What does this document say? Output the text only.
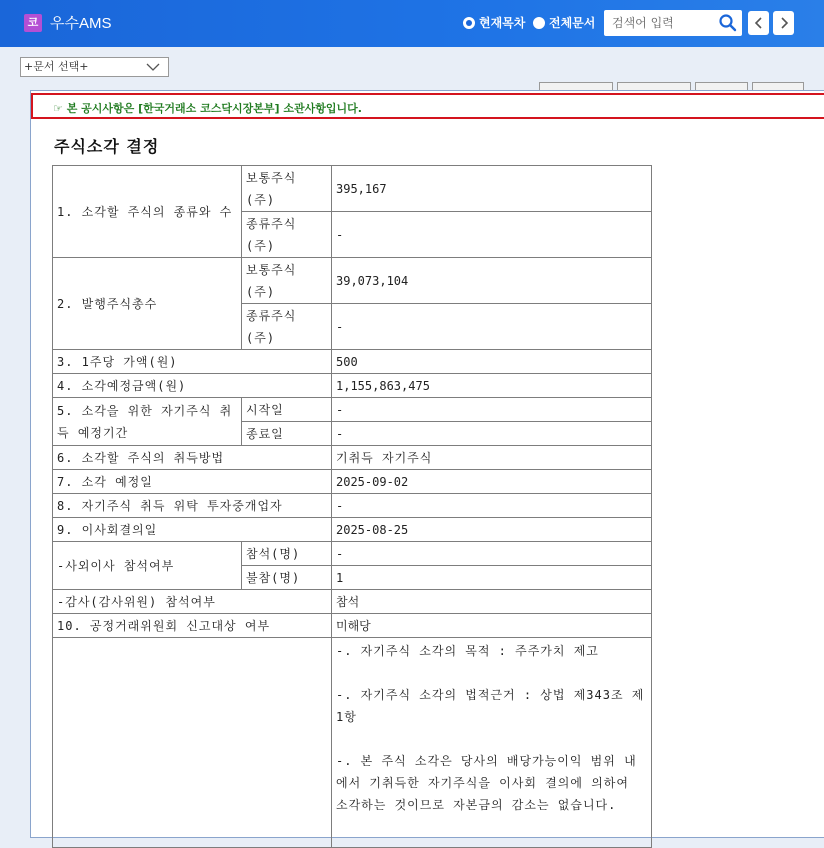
코 우수AMS	현재목차 전체문서
검색어 입력
+문서 선택+
☞ 본 공시사항은 [한국거래소 코스닥시장본부] 소관사항입니다.
주식소각 결정
1. 소각할 주식의 종류와 수	보통주식 (주)	395,167
	종류주식 (주)	-
2. 발행주식총수	보통주식 (주)	39,073,104
	종류주식 (주)	-
3. 1주당 가액(원)		500
4. 소각예정금액(원)		1,155,863,475
5. 소각을 위한 자기주식 취득 예정기간	시작일	-
	종료일	-
6. 소각할 주식의 취득방법		기취득 자기주식
7. 소각 예정일		2025-09-02
8. 자기주식 취득 위탁 투자중개업자		-
9. 이사회결의일		2025-08-25
-사외이사 참석여부	참석(명)	-
	불참(명)	1
-감사(감사위원) 참석여부		참석
10. 공정거래위원회 신고대상 여부		미해당

		-. 자기주식 소각의 목적 : 주주가치 제고
-. 자기주식 소각의 법적근거 : 상법 제343조 제1항
-. 본 주식 소각은 당사의 배당가능이익 범위 내에서 기취득한 자기주식을 이사회 결의에 의하여 소각하는 것이므로 자본금의 감소는 없습니다.
